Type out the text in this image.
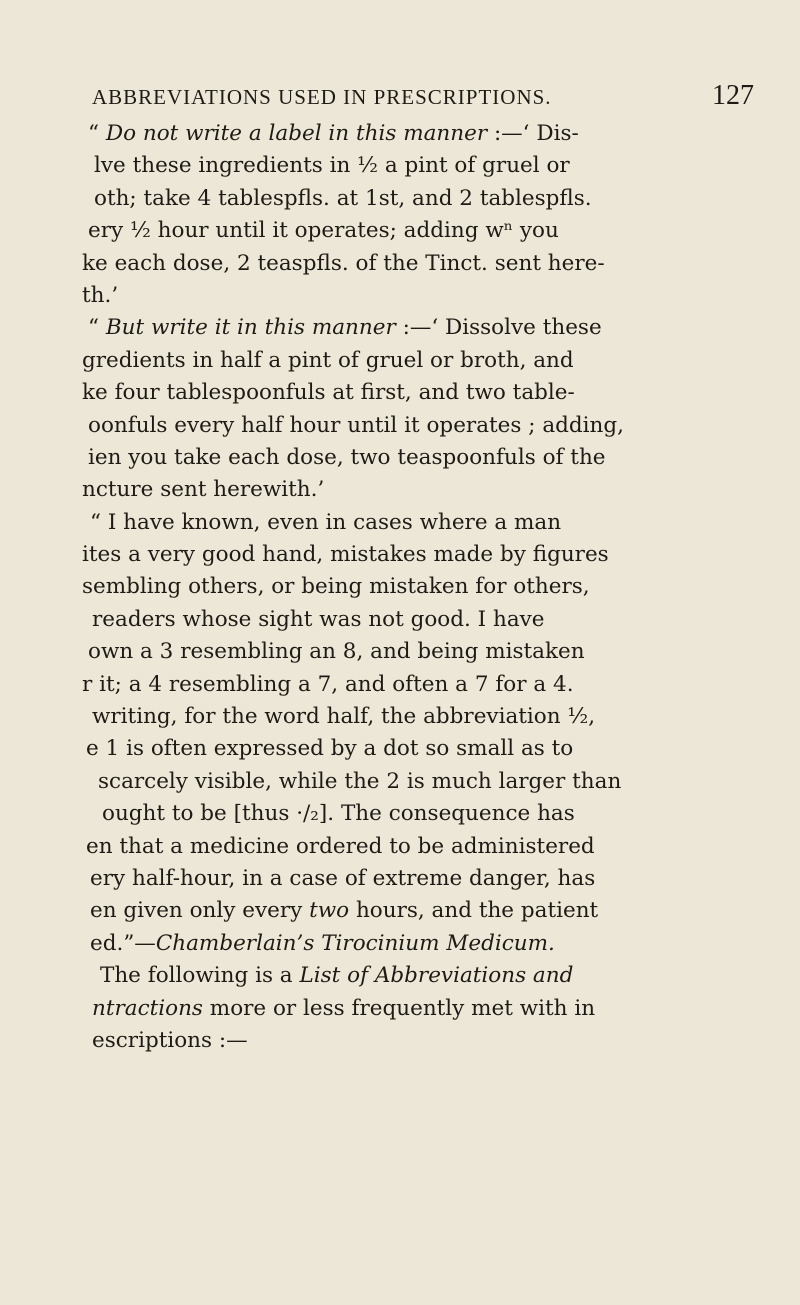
ABBREVIATIONS USED IN PRESCRIPTIONS.	127
“ Do not write a label in this manner :—‘ Dis-
lve these ingredients in ½ a pint of gruel or
oth; take 4 tablespfls. at 1st, and 2 tablespfls.
ery ½ hour until it operates; adding wⁿ you
ke each dose, 2 teaspfls. of the Tinct. sent here-
th.’
“ But write it in this manner :—‘ Dissolve these
gredients in half a pint of gruel or broth, and
ke four tablespoonfuls at first, and two table-
oonfuls every half hour until it operates ; adding,
ien you take each dose, two teaspoonfuls of the
ncture sent herewith.’
“ I have known, even in cases where a man
ites a very good hand, mistakes made by figures
sembling others, or being mistaken for others,
readers whose sight was not good. I have
own a 3 resembling an 8, and being mistaken
r it; a 4 resembling a 7, and often a 7 for a 4.
writing, for the word half, the abbreviation ½,
e 1 is often expressed by a dot so small as to
scarcely visible, while the 2 is much larger than
ought to be [thus ·/₂]. The consequence has
en that a medicine ordered to be administered
ery half-hour, in a case of extreme danger, has
en given only every two hours, and the patient
ed.”—Chamberlain’s Tirocinium Medicum.
The following is a List of Abbreviations and
ntractions more or less frequently met with in
escriptions :—
